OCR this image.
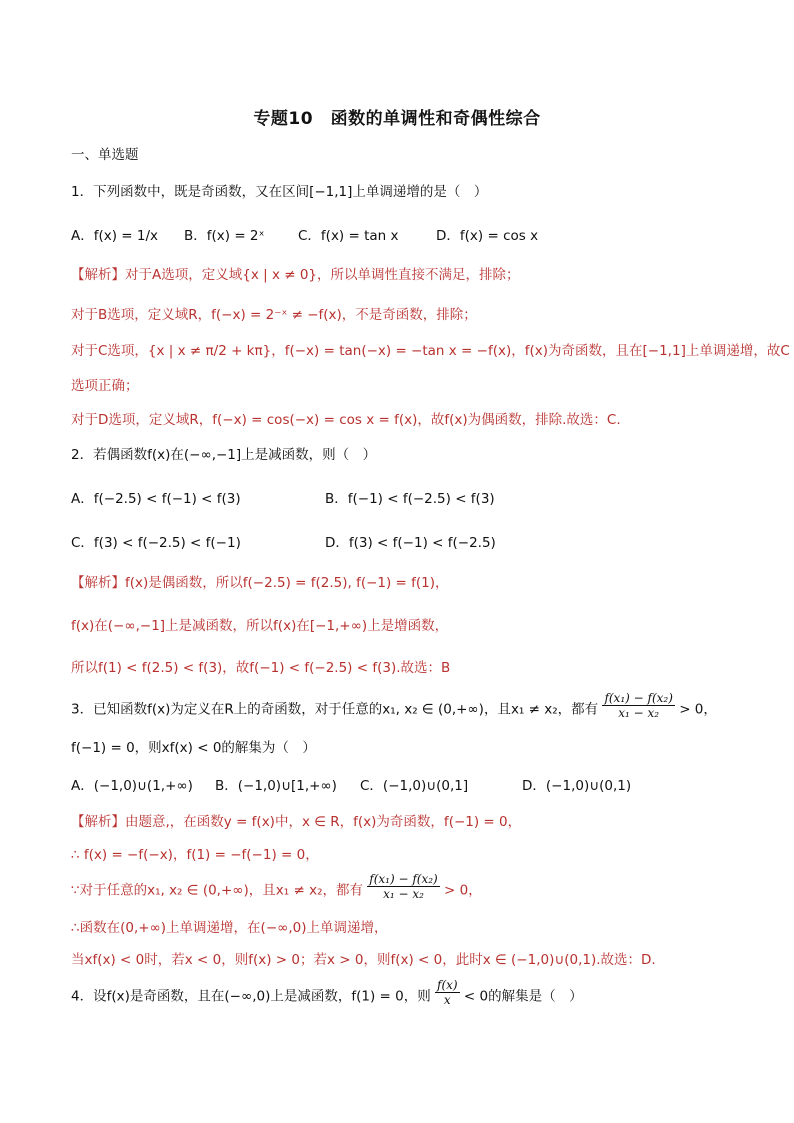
专题10　函数的单调性和奇偶性综合
一、单选题
1．下列函数中，既是奇函数，又在区间[−1,1]上单调递增的是（　）
A．f(x) = 1/x B．f(x) = 2ˣ C．f(x) = tan x	D．f(x) = cos x
【解析】对于A选项，定义域{x | x ≠ 0}，所以单调性直接不满足，排除；
对于B选项，定义域R，f(−x) = 2⁻ˣ ≠ −f(x)，不是奇函数，排除；
对于C选项，{x | x ≠ π/2 + kπ}，f(−x) = tan(−x) = −tan x = −f(x)，f(x)为奇函数，且在[−1,1]上单调递增，故C
选项正确；
对于D选项，定义域R，f(−x) = cos(−x) = cos x = f(x)，故f(x)为偶函数，排除.故选：C.
2．若偶函数f(x)在(−∞,−1]上是减函数，则（　）
A．f(−2.5) < f(−1) < f(3)	B．f(−1) < f(−2.5) < f(3)
C．f(3) < f(−2.5) < f(−1)	D．f(3) < f(−1) < f(−2.5)
【解析】f(x)是偶函数，所以f(−2.5) = f(2.5), f(−1) = f(1)，
f(x)在(−∞,−1]上是减函数，所以f(x)在[−1,+∞)上是增函数，
所以f(1) < f(2.5) < f(3)，故f(−1) < f(−2.5) < f(3).故选：B
3．已知函数f(x)为定义在R上的奇函数，对于任意的x₁, x₂ ∈ (0,+∞)，且x₁ ≠ x₂，都有 $\frac{\text{f(x₁) − f(x₂)}}{\text{x₁ − x₂}} > 0$，
f(−1) = 0，则xf(x) < 0的解集为（　）
A．(−1,0)∪(1,+∞) B．(−1,0)∪[1,+∞) C．(−1,0)∪(0,1]	D．(−1,0)∪(0,1)
【解析】由题意,，在函数y = f(x)中，x ∈ R，f(x)为奇函数，f(−1) = 0，
∴ f(x) = −f(−x)，f(1) = −f(−1) = 0，
∵对于任意的x₁, x₂ ∈ (0,+∞)，且x₁ ≠ x₂，都有 $\frac{\text{f(x₁) − f(x₂)}}{\text{x₁ − x₂}} > 0$，
∴函数在(0,+∞)上单调递增，在(−∞,0)上单调递增，
当xf(x) < 0时，若x < 0，则f(x) > 0；若x > 0，则f(x) < 0，此时x ∈ (−1,0)∪(0,1).故选：D.
4．设f(x)是奇函数，且在(−∞,0)上是减函数，f(1) = 0，则 $\frac{f(x)}{x} < 0$的解集是（　）
